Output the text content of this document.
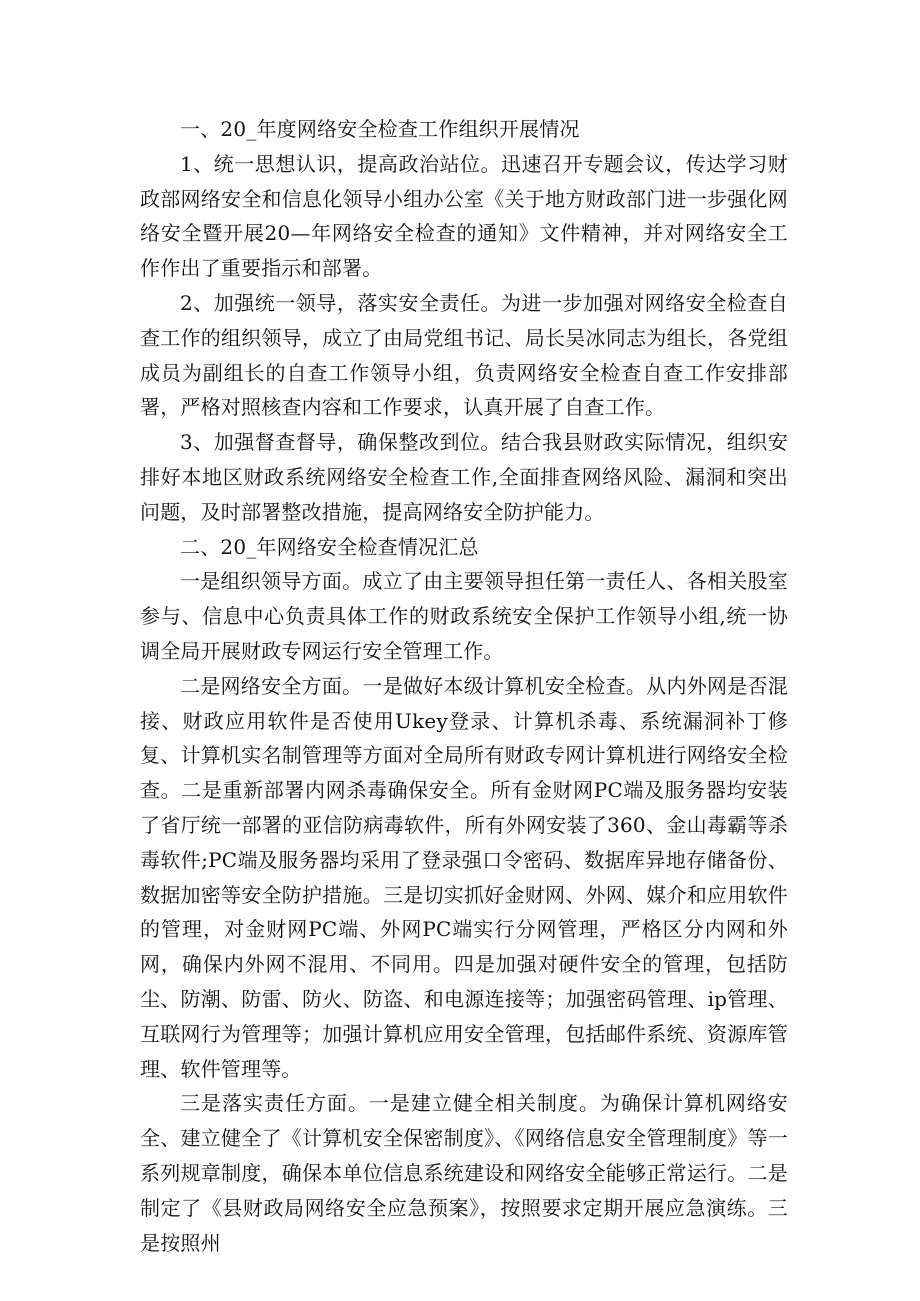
一、20_年度网络安全检查工作组织开展情况

1、统一思想认识，提高政治站位。迅速召开专题会议，传达学习财政部网络安全和信息化领导小组办公室《关于地方财政部门进一步强化网络安全暨开展20—年网络安全检查的通知》文件精神，并对网络安全工作作出了重要指示和部署。

2、加强统一领导，落实安全责任。为进一步加强对网络安全检查自查工作的组织领导，成立了由局党组书记、局长吴冰同志为组长，各党组成员为副组长的自查工作领导小组，负责网络安全检查自查工作安排部署，严格对照核查内容和工作要求，认真开展了自查工作。

3、加强督查督导，确保整改到位。结合我县财政实际情况，组织安排好本地区财政系统网络安全检查工作,全面排查网络风险、漏洞和突出问题，及时部署整改措施，提高网络安全防护能力。

二、20_年网络安全检查情况汇总

一是组织领导方面。成立了由主要领导担任第一责任人、各相关股室参与、信息中心负责具体工作的财政系统安全保护工作领导小组,统一协调全局开展财政专网运行安全管理工作。

二是网络安全方面。一是做好本级计算机安全检查。从内外网是否混接、财政应用软件是否使用Ukey登录、计算机杀毒、系统漏洞补丁修复、计算机实名制管理等方面对全局所有财政专网计算机进行网络安全检查。二是重新部署内网杀毒确保安全。所有金财网PC端及服务器均安装了省厅统一部署的亚信防病毒软件，所有外网安装了360、金山毒霸等杀毒软件;PC端及服务器均采用了登录强口令密码、数据库异地存储备份、数据加密等安全防护措施。三是切实抓好金财网、外网、媒介和应用软件的管理，对金财网PC端、外网PC端实行分网管理，严格区分内网和外网，确保内外网不混用、不同用。四是加强对硬件安全的管理，包括防尘、防潮、防雷、防火、防盗、和电源连接等；加强密码管理、ip管理、互联网行为管理等；加强计算机应用安全管理，包括邮件系统、资源库管理、软件管理等。

三是落实责任方面。一是建立健全相关制度。为确保计算机网络安全、建立健全了《计算机安全保密制度》、《网络信息安全管理制度》等一系列规章制度，确保本单位信息系统建设和网络安全能够正常运行。二是制定了《县财政局网络安全应急预案》，按照要求定期开展应急演练。三是按照州
